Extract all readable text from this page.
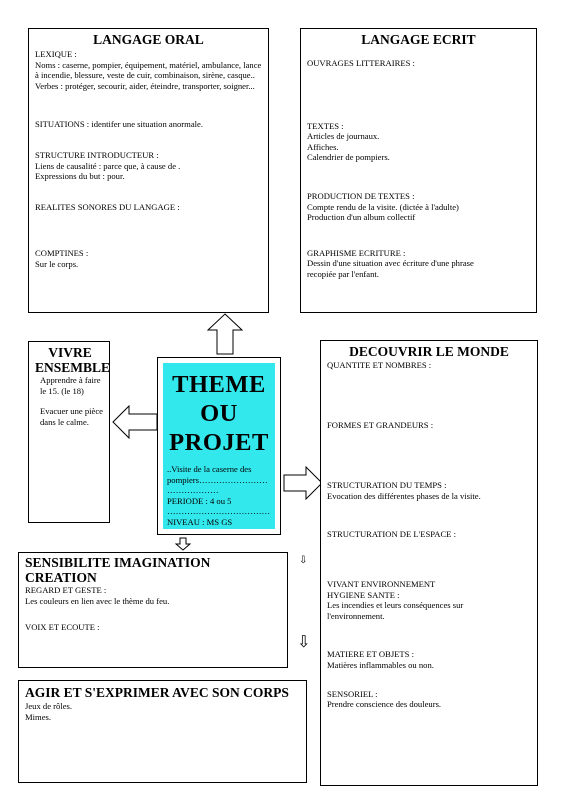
LANGAGE ORAL
LEXIQUE :
Noms : caserne, pompier, équipement, matériel, ambulance, lance à incendie, blessure, veste de cuir, combinaison, sirène, casque..
Verbes : protéger, secourir, aider, éteindre, transporter, soigner...
SITUATIONS : identifer une situation anormale.
STRUCTURE INTRODUCTEUR :
Liens de causalité : parce que, à cause de .
Expressions du but : pour.
REALITES SONORES DU LANGAGE :
COMPTINES :
Sur le corps.
LANGAGE ECRIT
OUVRAGES LITTERAIRES :
TEXTES :
Articles de journaux.
Affiches.
Calendrier de pompiers.
PRODUCTION DE TEXTES :
Compte rendu de la visite. (dictée à l'adulte)
Production d'un album collectif
GRAPHISME ECRITURE :
Dessin d'une situation avec écriture d'une phrase
recopiée par l'enfant.
VIVRE
ENSEMBLE
Apprendre à faire
le 15. (le 18)
Evacuer une pièce
dans le calme.
THEME
OU
PROJET
..Visite de la caserne des
pompiers……………………
………………
PERIODE : 4 ou 5
………………………………
NIVEAU : MS GS
DECOUVRIR LE MONDE
QUANTITE ET NOMBRES :
FORMES ET GRANDEURS :
STRUCTURATION DU TEMPS :
Evocation des différentes phases de la visite.
STRUCTURATION DE L'ESPACE :
VIVANT ENVIRONNEMENT
HYGIENE SANTE :
Les incendies et leurs conséquences sur
l'environnement.
MATIERE ET OBJETS :
Matières inflammables ou non.
SENSORIEL :
Prendre conscience des douleurs.
⇩
⇩
SENSIBILITE IMAGINATION
CREATION
REGARD ET GESTE :
Les couleurs en lien avec le thème du feu.
VOIX ET ECOUTE :
AGIR ET S'EXPRIMER AVEC SON CORPS
Jeux de rôles.
Mimes.
